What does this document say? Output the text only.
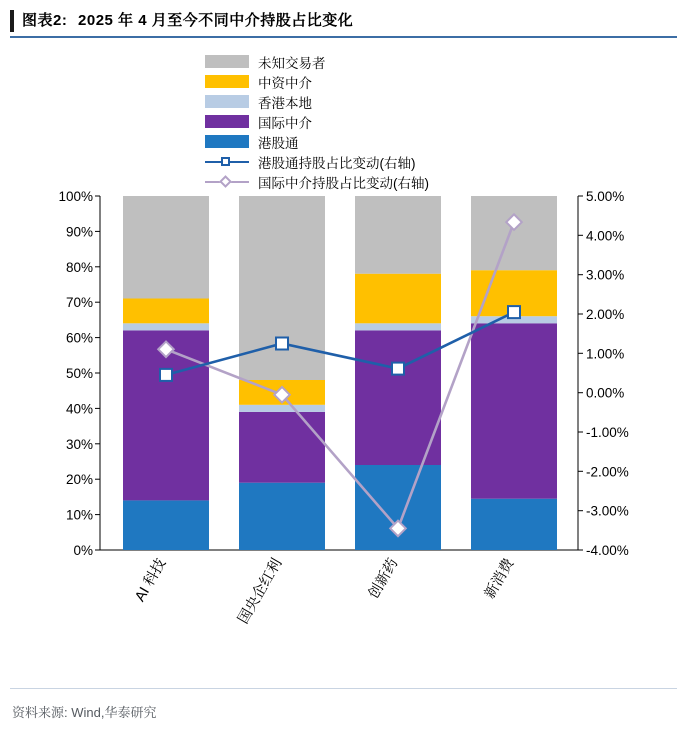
图表2: 2025 年 4 月至今不同中介持股占比变化
未知交易者
中资中介
香港本地
国际中介
港股通
港股通持股占比变动(右轴)
国际中介持股占比变动(右轴)
100%
90%
80%
70%
60%
50%
40%
30%
20%
10%
0%
5.00%
4.00%
3.00%
2.00%
1.00%
0.00%
-1.00%
-2.00%
-3.00%
-4.00%
AI 科技	国央企红利	创新药	新消费
资料来源: Wind,华泰研究
